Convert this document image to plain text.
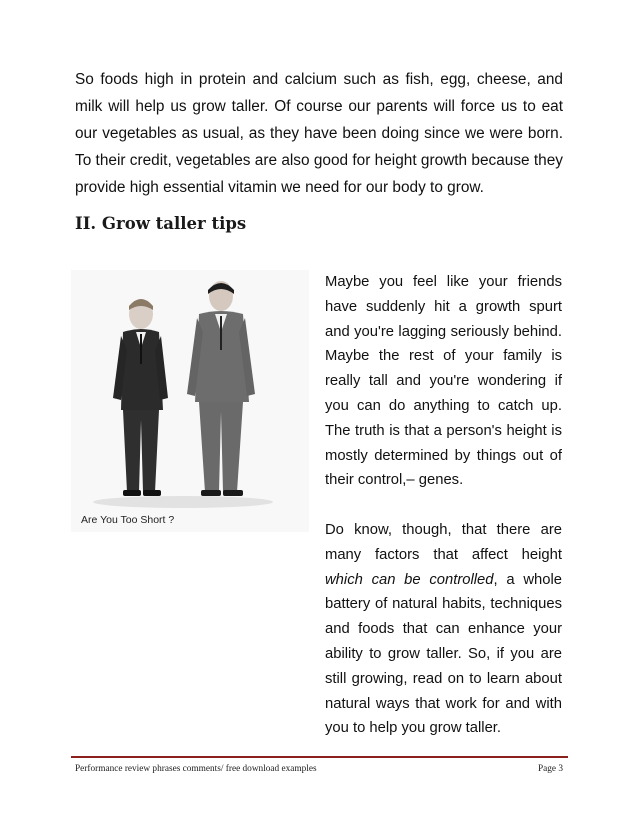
So foods high in protein and calcium such as fish, egg, cheese, and milk will help us grow taller. Of course our parents will force us to eat our vegetables as usual, as they have been doing since we were born. To their credit, vegetables are also good for height growth because they provide high essential vitamin we need for our body to grow.

II. Grow taller tips
Are You Too Short ?

Maybe you feel like your friends have suddenly hit a growth spurt and you're lagging seriously behind. Maybe the rest of your family is really tall and you're wondering if you can do anything to catch up. The truth is that a person's height is mostly determined by things out of their control,– genes.

Do know, though, that there are many factors that affect height which can be controlled, a whole battery of natural habits, techniques and foods that can enhance your ability to grow taller. So, if you are still growing, read on to learn about natural ways that work for and with you to help you grow taller.

Performance review phrases comments/ free download examples	Page 3
